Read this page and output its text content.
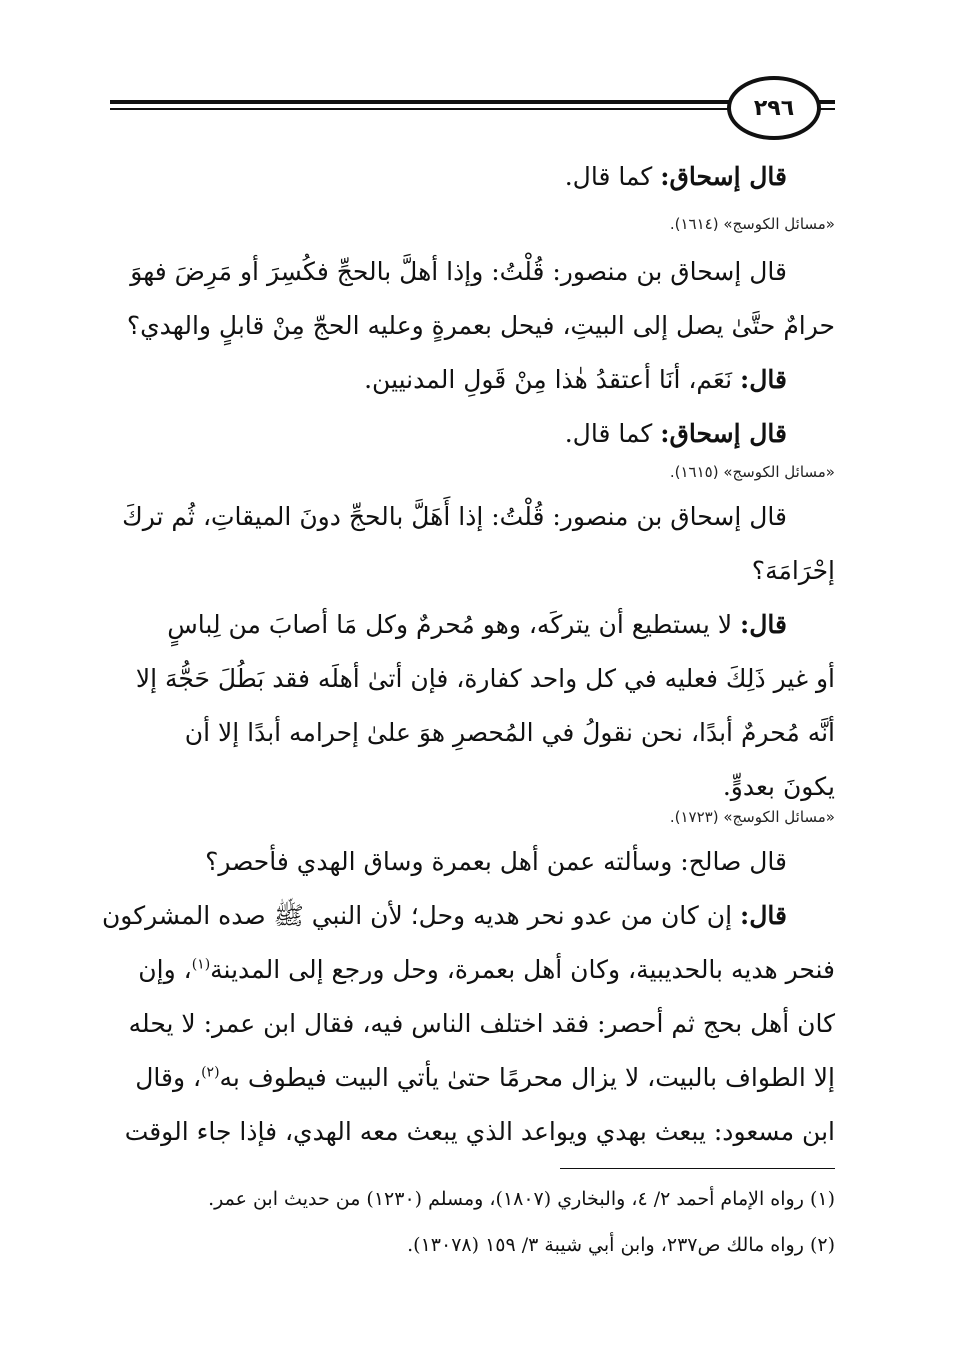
٢٩٦
قال إسحاق: كما قال.
«مسائل الكوسج» (١٦١٤).
قال إسحاق بن منصور: قُلْتُ: وإذا أهلَّ بالحجِّ فكُسِرَ أو مَرِضَ فهوَ
حرامٌ حتَّىٰ يصل إلى البيتِ، فيحل بعمرةٍ وعليه الحجّ مِنْ قابلٍ والهدي؟
قال: نَعَم، أنَا أعتقدُ هٰذا مِنْ قَولِ المدنيين.
قال إسحاق: كما قال.
«مسائل الكوسج» (١٦١٥).
قال إسحاق بن منصور: قُلْتُ: إذا أَهَلَّ بالحجِّ دونَ الميقاتِ، ثُم تركَ
إحْرَامَهَ؟
قال: لا يستطيع أن يتركَه، وهو مُحرمٌ وكل مَا أصابَ من لِباسٍ
أو غير ذَلِكَ فعليه في كل واحد كفارة، فإن أتىٰ أهلَه فقد بَطُلَ حَجُّهَ إلا
أنَّه مُحرمٌ أبدًا، نحن نقولُ في المُحصرِ هوَ علىٰ إحرامه أبدًا إلا أن
يكونَ بعدوٍّ.
«مسائل الكوسج» (١٧٢٣).
قال صالح: وسألته عمن أهل بعمرة وساق الهدي فأحصر؟
قال: إن كان من عدو نحر هديه وحل؛ لأن النبي ﷺ صده المشركون
فنحر هديه بالحديبية، وكان أهل بعمرة، وحل ورجع إلى المدينة$^{(١)}$، وإن
كان أهل بحج ثم أحصر: فقد اختلف الناس فيه، فقال ابن عمر: لا يحله
إلا الطواف بالبيت، لا يزال محرمًا حتىٰ يأتي البيت فيطوف به$^{(٢)}$، وقال
ابن مسعود: يبعث بهدي ويواعد الذي يبعث معه الهدي، فإذا جاء الوقت
(١) رواه الإمام أحمد ٢/ ٤، والبخاري (١٨٠٧)، ومسلم (١٢٣٠) من حديث ابن عمر.
(٢) رواه مالك ص٢٣٧، وابن أبي شيبة ٣/ ١٥٩ (١٣٠٧٨).
